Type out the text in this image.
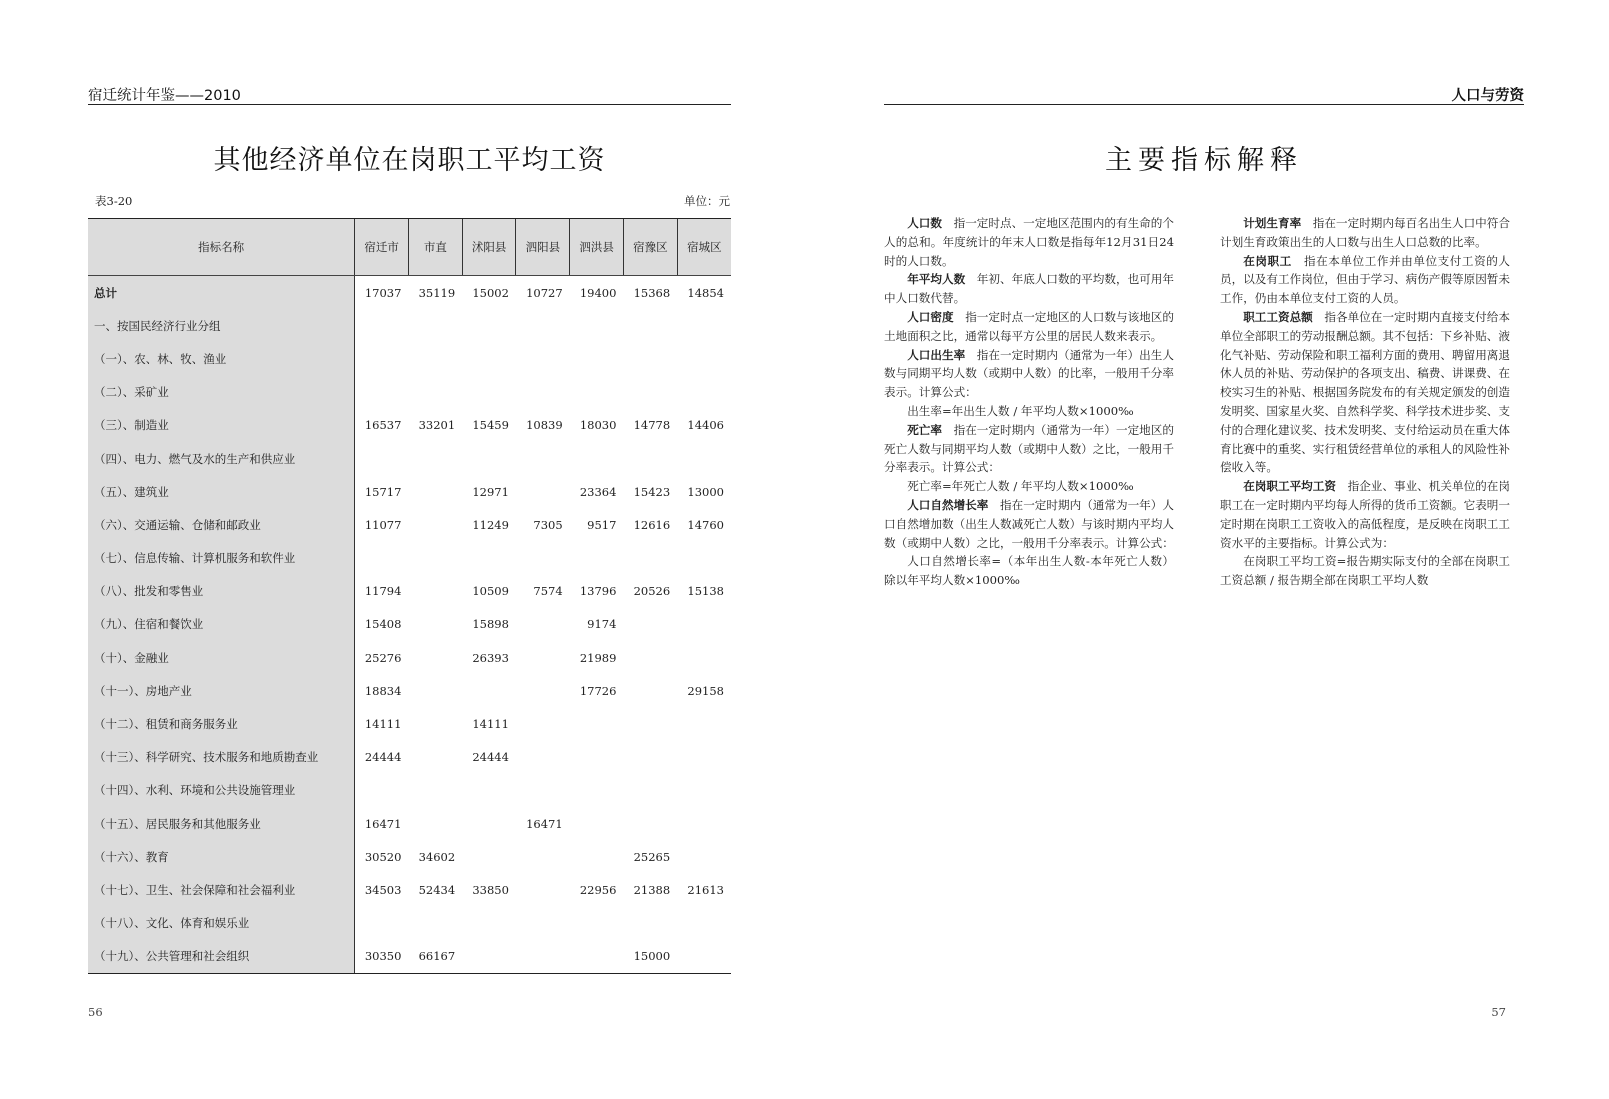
宿迁统计年鉴——2010
其他经济单位在岗职工平均工资
表3-20	单位：元
指标名称	宿迁市	市直	沭阳县	泗阳县	泗洪县	宿豫区	宿城区
总计	17037	35119	15002	10727	19400	15368	14854
一、按国民经济行业分组							
（一）、农、林、牧、渔业							
（二）、采矿业							
（三）、制造业	16537	33201	15459	10839	18030	14778	14406
（四）、电力、燃气及水的生产和供应业							
（五）、建筑业	15717		12971		23364	15423	13000
（六）、交通运输、仓储和邮政业	11077		11249	7305	9517	12616	14760
（七）、信息传输、计算机服务和软件业							
（八）、批发和零售业	11794		10509	7574	13796	20526	15138
（九）、住宿和餐饮业	15408		15898		9174		
（十）、金融业	25276		26393		21989		
（十一）、房地产业	18834				17726		29158
（十二）、租赁和商务服务业	14111		14111				
（十三）、科学研究、技术服务和地质勘查业	24444		24444				
（十四）、水利、环境和公共设施管理业							
（十五）、居民服务和其他服务业	16471			16471			
（十六）、教育	30520	34602				25265	
（十七）、卫生、社会保障和社会福利业	34503	52434	33850		22956	21388	21613
（十八）、文化、体育和娱乐业							
（十九）、公共管理和社会组织	30350	66167				15000	
56
人口与劳资
主要指标解释

人口数　 指一定时点、一定地区范围内的有生命的个人的总和。年度统计的年末人口数是指每年12月31日24时的人口数。

年平均人数　 年初、年底人口数的平均数，也可用年中人口数代替。

人口密度　 指一定时点一定地区的人口数与该地区的土地面积之比，通常以每平方公里的居民人数来表示。

人口出生率　 指在一定时期内（通常为一年）出生人数与同期平均人数（或期中人数）的比率，一般用千分率表示。计算公式：

出生率=年出生人数 / 年平均人数×1000‰

死亡率　 指在一定时期内（通常为一年）一定地区的死亡人数与同期平均人数（或期中人数）之比，一般用千分率表示。计算公式：

死亡率=年死亡人数 / 年平均人数×1000‰

人口自然增长率　 指在一定时期内（通常为一年）人口自然增加数（出生人数减死亡人数）与该时期内平均人数（或期中人数）之比，一般用千分率表示。计算公式：

人口自然增长率=（本年出生人数-本年死亡人数）除以年平均人数×1000‰

计划生育率　 指在一定时期内每百名出生人口中符合计划生育政策出生的人口数与出生人口总数的比率。

在岗职工　 指在本单位工作并由单位支付工资的人员，以及有工作岗位，但由于学习、病伤产假等原因暂未工作，仍由本单位支付工资的人员。

职工工资总额　 指各单位在一定时期内直接支付给本单位全部职工的劳动报酬总额。其不包括：下乡补贴、液化气补贴、劳动保险和职工福利方面的费用、聘留用离退休人员的补贴、劳动保护的各项支出、稿费、讲课费、在校实习生的补贴、根据国务院发布的有关规定颁发的创造发明奖、国家星火奖、自然科学奖、科学技术进步奖、支付的合理化建议奖、技术发明奖、支付给运动员在重大体育比赛中的重奖、实行租赁经营单位的承租人的风险性补偿收入等。

在岗职工平均工资　 指企业、事业、机关单位的在岗职工在一定时期内平均每人所得的货币工资额。它表明一定时期在岗职工工资收入的高低程度，是反映在岗职工工资水平的主要指标。计算公式为：

在岗职工平均工资=报告期实际支付的全部在岗职工工资总额 / 报告期全部在岗职工平均人数

57
